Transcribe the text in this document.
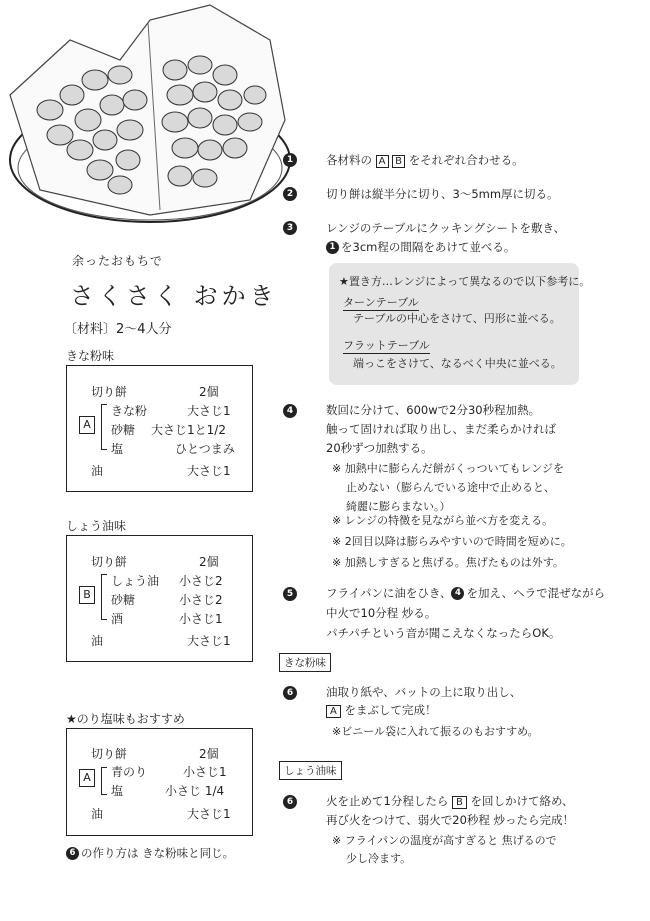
余ったおもちで
さくさく おかき
〔材料〕2～4人分
きな粉味
切り餅	2個
A
きな粉	大さじ1
砂糖 大さじ1と1/2
塩	ひとつまみ
油	大さじ1
しょう油味
切り餅	2個
B
しょう油 小さじ2
砂糖	小さじ2
酒	小さじ1
油	大さじ1
★のり塩味もおすすめ
切り餅	2個
A	青のり	小さじ1
塩	小さじ 1/4
油	大さじ1
6 の作り方は きな粉味と同じ。
1	各材料の A B をそれぞれ合わせる。
2	切り餅は縦半分に切り、3～5mm厚に切る。
3	レンジのテーブルにクッキングシートを敷き、
1 を3cm程の間隔をあけて並べる。
★置き方…レンジによって異なるので以下参考に。
ターンテーブル
テーブルの中心をさけて、円形に並べる。
フラットテーブル
端っこをさけて、なるべく中央に並べる。
4	数回に分けて、600wで2分30秒程加熱。
触って固ければ取り出し、まだ柔らかければ
20秒ずつ加熱する。
※ 加熱中に膨らんだ餅がくっついてもレンジを
止めない（膨らんでいる途中で止めると、
綺麗に膨らまない。）
※ レンジの特徴を見ながら並べ方を変える。
※ 2回目以降は膨らみやすいので時間を短めに。
※ 加熱しすぎると焦げる。焦げたものは外す。
5	フライパンに油をひき、 4 を加え、ヘラで混ぜながら
中火で10分程 炒る。
パチパチという音が聞こえなくなったらOK。
きな粉味
6	油取り紙や、バットの上に取り出し、
A をまぶして完成！
※ビニール袋に入れて振るのもおすすめ。
しょう油味
6	火を止めて1分程したら B を回しかけて絡め、
再び火をつけて、弱火で20秒程 炒ったら完成！
※ フライパンの温度が高すぎると 焦げるので
少し冷ます。
